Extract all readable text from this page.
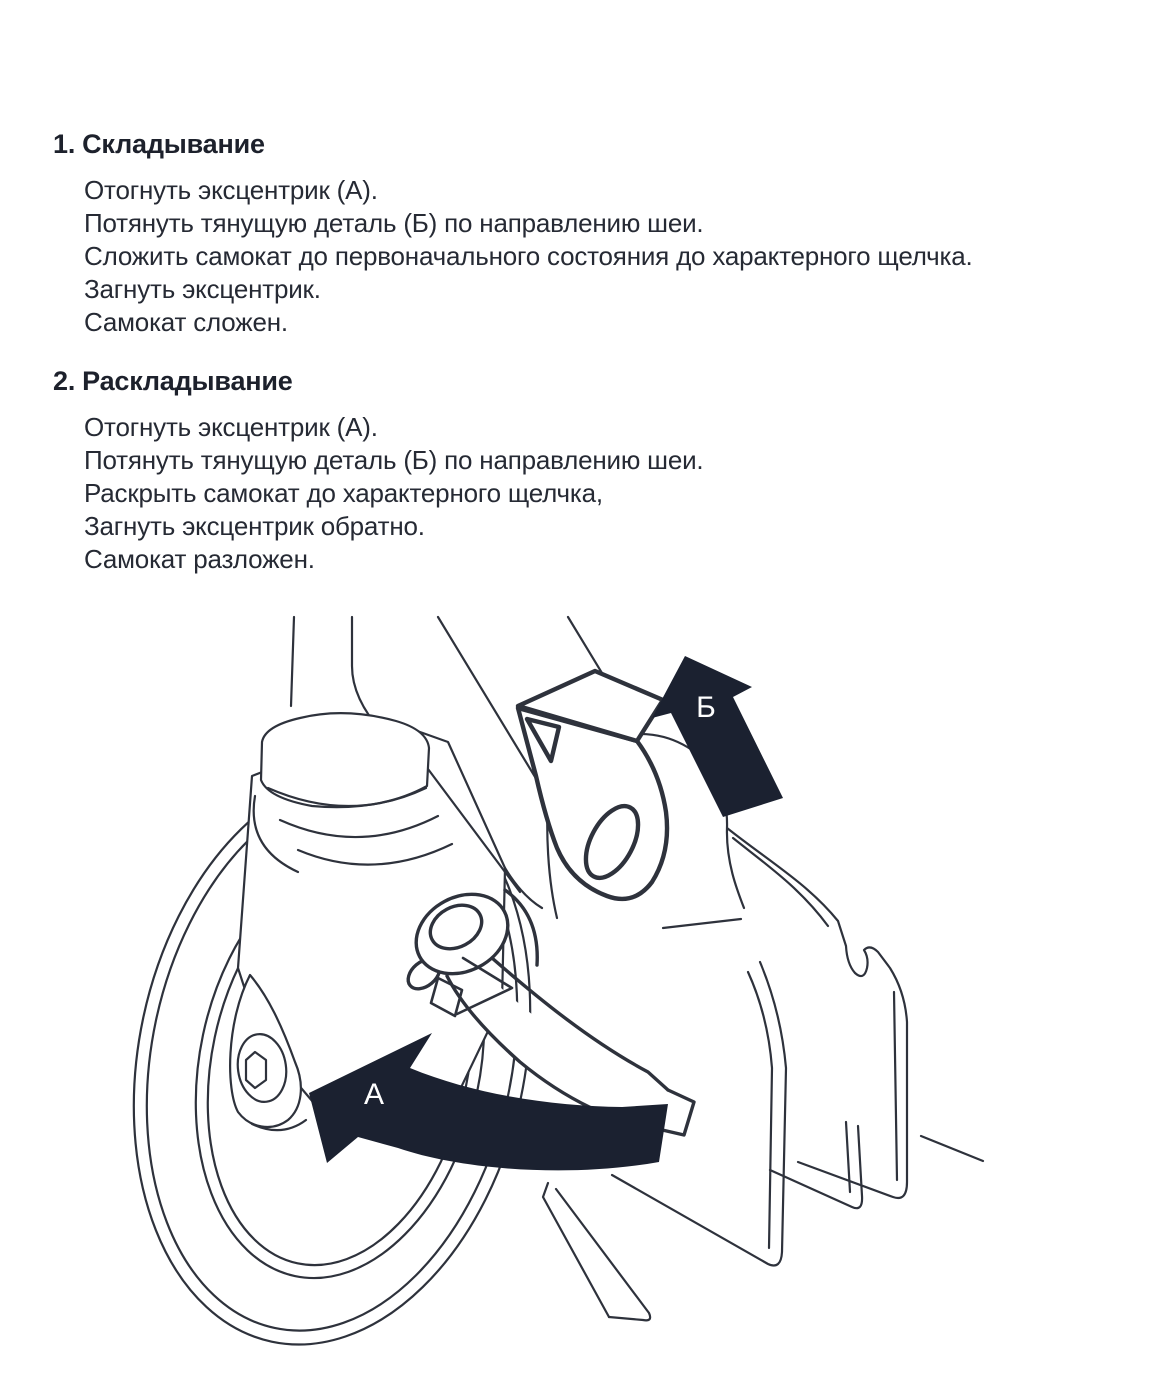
Б
А
1. Складывание

Отогнуть эксцентрик (А).

Потянуть тянущую деталь (Б) по направлению шеи.

Сложить самокат до первоначального состояния до характерного щелчка.

Загнуть эксцентрик.

Самокат сложен.

2. Раскладывание

Отогнуть эксцентрик (А).

Потянуть тянущую деталь (Б) по направлению шеи.

Раскрыть самокат до характерного щелчка,

Загнуть эксцентрик обратно.

Самокат разложен.
